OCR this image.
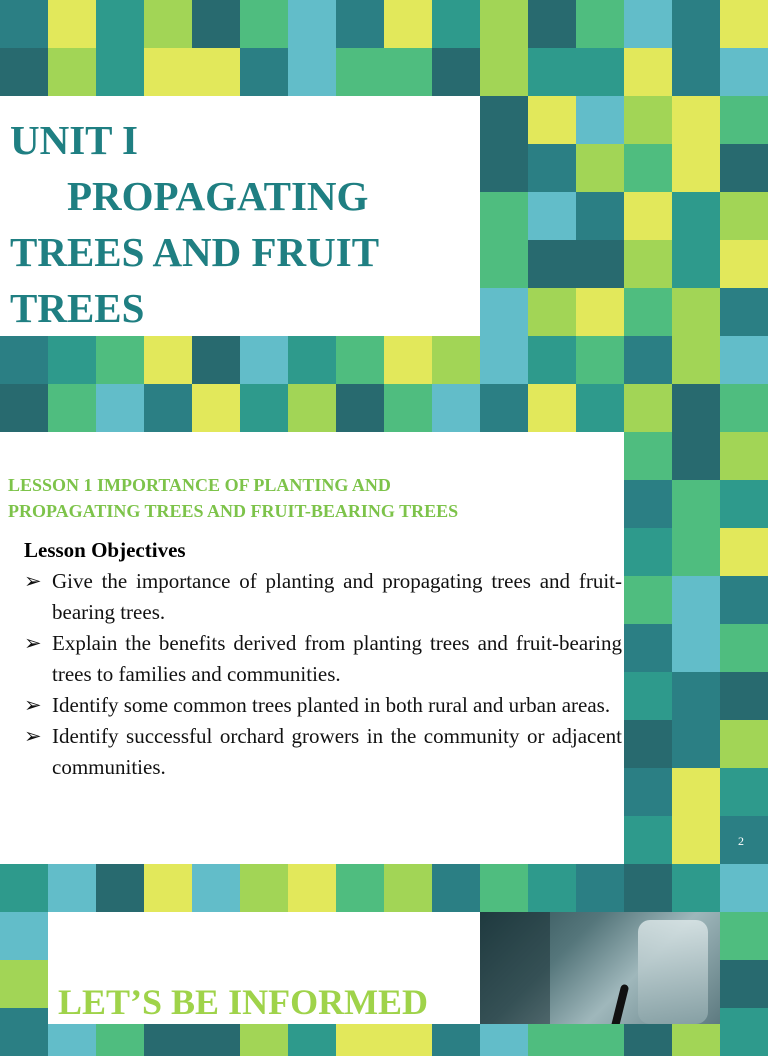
UNIT I
PROPAGATING
TREES AND FRUIT
TREES
LESSON 1 IMPORTANCE OF PLANTING AND
PROPAGATING TREES AND FRUIT-BEARING TREES
Lesson Objectives
➢ Give the importance of planting and propagating trees and fruit-bearing trees.
➢ Explain the benefits derived from planting trees and fruit-bearing trees to families and communities.
➢ Identify some common trees planted in both rural and urban areas.
➢ Identify successful orchard growers in the community or adjacent communities.
2
LET’S BE INFORMED
